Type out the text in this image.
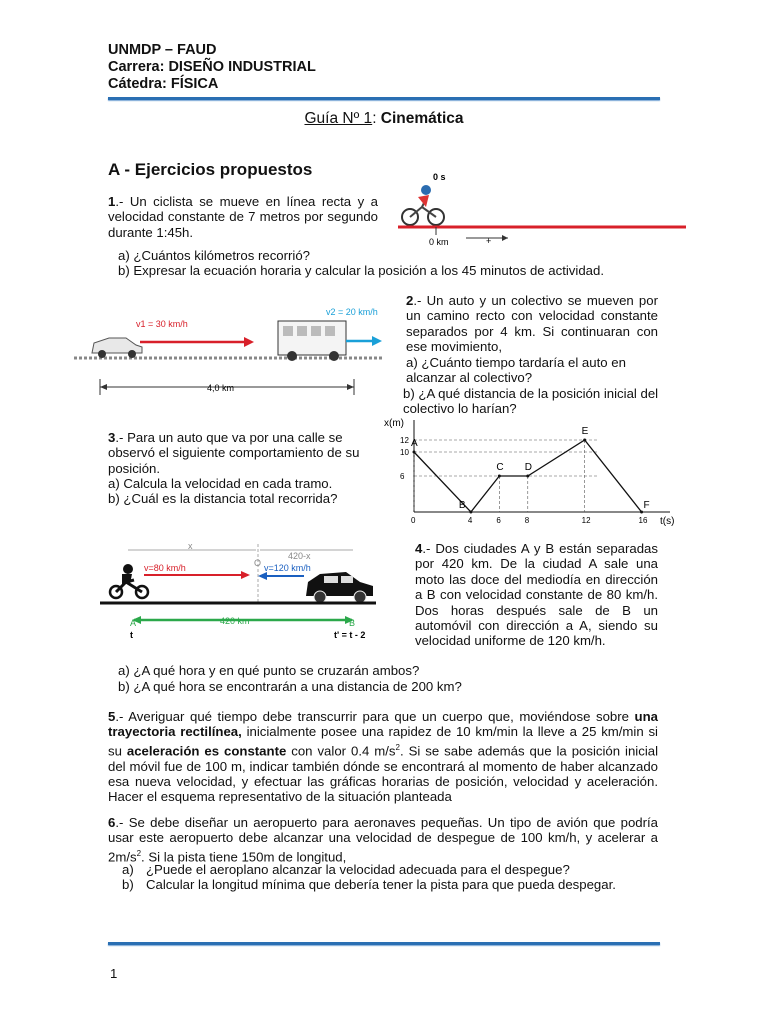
UNMDP – FAUD
Carrera: DISEÑO INDUSTRIAL
Cátedra: FÍSICA
Guía Nº 1: Cinemática
A - Ejercicios propuestos
1.- Un ciclista se mueve en línea recta y a velocidad constante de 7 metros por segundo durante 1:45h.
a) ¿Cuántos kilómetros recorrió?
b) Expresar la ecuación horaria y calcular la posición a los 45 minutos de actividad.
0 s
0 km	+
v1 = 30 km/h
v2 = 20 km/h
4,0 km
2.- Un auto y un colectivo se mueven por un camino recto con velocidad constante separados por 4 km. Si continuaran con ese movimiento,
a) ¿Cuánto tiempo tardaría el auto en alcanzar al colectivo?
b) ¿A qué distancia de la posición inicial del colectivo lo harían?
3.- Para un auto que va por una calle se observó el siguiente comportamiento de su posición.
a) Calcula la velocidad en cada tramo.
b) ¿Cuál es la distancia total recorrida?
x(m)
t(s)
12
10
6
0	4	6	8	12	16
A
B
C D
E
F
x
O
420-x
v=80 km/h	v=120 km/h
420 km
A	B
t	t' = t - 2
4.- Dos ciudades A y B están separadas por 420 km. De la ciudad A sale una moto las doce del mediodía en dirección a B con velocidad constante de 80 km/h. Dos horas después sale de B un automóvil con dirección a A, siendo su velocidad uniforme de 120 km/h.
a) ¿A qué hora y en qué punto se cruzarán ambos?
b) ¿A qué hora se encontrarán a una distancia de 200 km?
5.- Averiguar qué tiempo debe transcurrir para que un cuerpo que, moviéndose sobre una trayectoria rectilínea, inicialmente posee una rapidez de 10 km/min la lleve a 25 km/min si su aceleración es constante con valor 0.4 $m/s^2$. Si se sabe además que la posición inicial del móvil fue de 100 m, indicar también dónde se encontrará al momento de haber alcanzado esa nueva velocidad, y efectuar las gráficas horarias de posición, velocidad y aceleración. Hacer el esquema representativo de la situación planteada
6.- Se debe diseñar un aeropuerto para aeronaves pequeñas. Un tipo de avión que podría usar este aeropuerto debe alcanzar una velocidad de despegue de 100 km/h, y acelerar a $2m/s^2$. Si la pista tiene 150m de longitud,
a) ¿Puede el aeroplano alcanzar la velocidad adecuada para el despegue?
b) Calcular la longitud mínima que debería tener la pista para que pueda despegar.
1
